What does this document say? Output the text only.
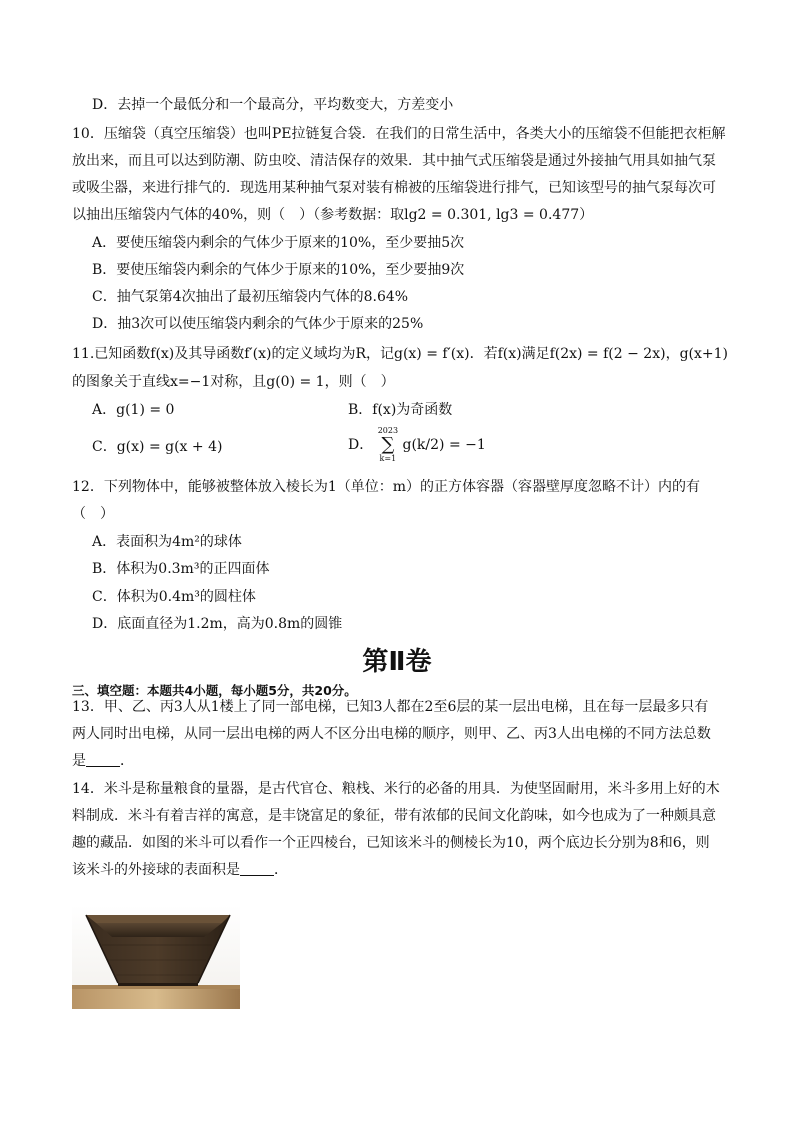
D．去掉一个最低分和一个最高分，平均数变大，方差变小
10．压缩袋（真空压缩袋）也叫PE拉链复合袋．在我们的日常生活中，各类大小的压缩袋不但能把衣柜解
放出来，而且可以达到防潮、防虫咬、清洁保存的效果．其中抽气式压缩袋是通过外接抽气用具如抽气泵
或吸尘器，来进行排气的．现选用某种抽气泵对装有棉被的压缩袋进行排气，已知该型号的抽气泵每次可
以抽出压缩袋内气体的40%，则（　）（参考数据：取lg2 = 0.301, lg3 = 0.477）
A．要使压缩袋内剩余的气体少于原来的10%，至少要抽5次
B．要使压缩袋内剩余的气体少于原来的10%，至少要抽9次
C．抽气泵第4次抽出了最初压缩袋内气体的8.64%
D．抽3次可以使压缩袋内剩余的气体少于原来的25%
11.已知函数f(x)及其导函数f′(x)的定义域均为R，记g(x) = f′(x)．若f(x)满足f(2x) = f(2 − 2x)，g(x+1)
的图象关于直线x=−1对称，且g(0) = 1，则（　）
A．g(1) = 0	B．f(x)为奇函数
C．g(x) = g(x + 4)	D．
2023
∑
k=1
g(k/2) = −1
12．下列物体中，能够被整体放入棱长为1（单位：m）的正方体容器（容器壁厚度忽略不计）内的有
（　）
A．表面积为4m²的球体
B．体积为0.3m³的正四面体
C．体积为0.4m³的圆柱体
D．底面直径为1.2m，高为0.8m的圆锥
第Ⅱ卷
三、填空题：本题共4小题，每小题5分，共20分。
13．甲、乙、丙3人从1楼上了同一部电梯，已知3人都在2至6层的某一层出电梯，且在每一层最多只有
两人同时出电梯，从同一层出电梯的两人不区分出电梯的顺序，则甲、乙、丙3人出电梯的不同方法总数
是 ．
14．米斗是称量粮食的量器，是古代官仓、粮栈、米行的必备的用具．为使坚固耐用，米斗多用上好的木
料制成．米斗有着吉祥的寓意，是丰饶富足的象征，带有浓郁的民间文化韵味，如今也成为了一种颇具意
趣的藏品．如图的米斗可以看作一个正四棱台，已知该米斗的侧棱长为10，两个底边长分别为8和6，则
该米斗的外接球的表面积是 ．
